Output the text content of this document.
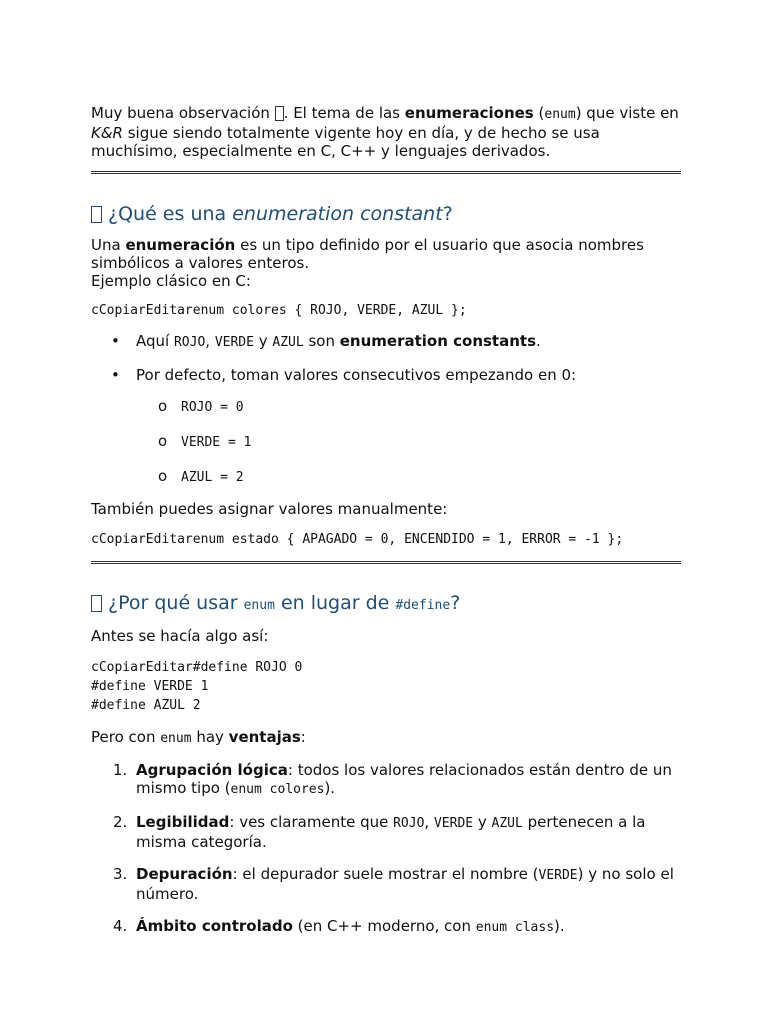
Muy buena observación . El tema de las enumeraciones (enum) que viste en K&R sigue siendo totalmente vigente hoy en día, y de hecho se usa muchísimo, especialmente en C, C++ y lenguajes derivados.

¿Qué es una enumeration constant?

Una enumeración es un tipo definido por el usuario que asocia nombres simbólicos a valores enteros.
Ejemplo clásico en C:

cCopiarEditarenum colores { ROJO, VERDE, AZUL };
• Aquí ROJO, VERDE y AZUL son enumeration constants.
• Por defecto, toman valores consecutivos empezando en 0:
o ROJO = 0
o VERDE = 1
o AZUL = 2

También puedes asignar valores manualmente:

cCopiarEditarenum estado { APAGADO = 0, ENCENDIDO = 1, ERROR = -1 };
¿Por qué usar enum en lugar de #define?

Antes se hacía algo así:

cCopiarEditar#define ROJO 0
#define VERDE 1
#define AZUL 2

Pero con enum hay ventajas:

1. Agrupación lógica: todos los valores relacionados están dentro de un mismo tipo (enum colores).
2. Legibilidad: ves claramente que ROJO, VERDE y AZUL pertenecen a la misma categoría.
3. Depuración: el depurador suele mostrar el nombre (VERDE) y no solo el número.
4. Ámbito controlado (en C++ moderno, con enum class).
